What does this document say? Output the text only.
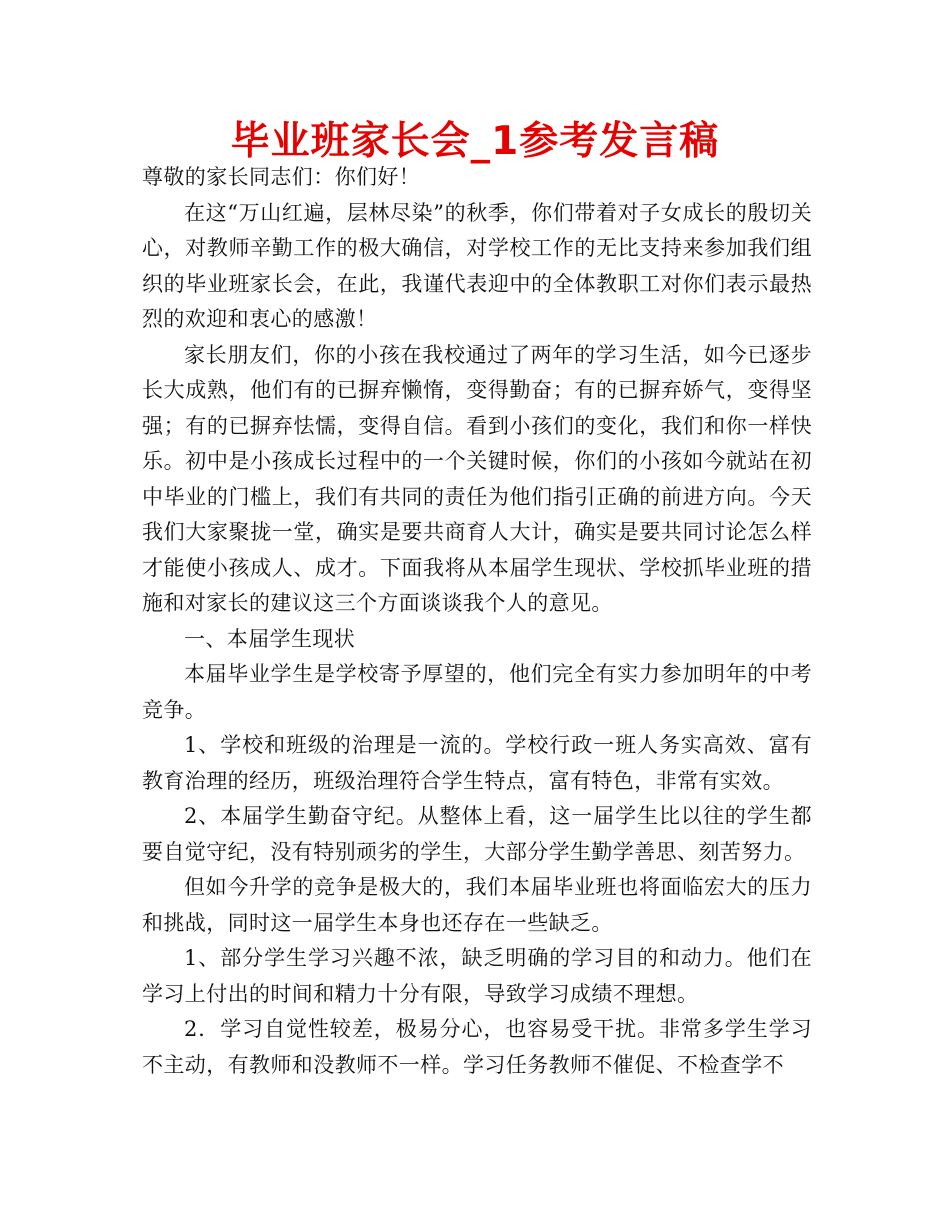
毕业班家长会_1参考发言稿

尊敬的家长同志们：你们好！

在这“万山红遍，层林尽染”的秋季，你们带着对子女成长的殷切关心，对教师辛勤工作的极大确信，对学校工作的无比支持来参加我们组织的毕业班家长会，在此，我谨代表迎中的全体教职工对你们表示最热烈的欢迎和衷心的感激！

家长朋友们，你的小孩在我校通过了两年的学习生活，如今已逐步长大成熟，他们有的已摒弃懒惰，变得勤奋；有的已摒弃娇气，变得坚强；有的已摒弃怯懦，变得自信。看到小孩们的变化，我们和你一样快乐。初中是小孩成长过程中的一个关键时候，你们的小孩如今就站在初中毕业的门槛上，我们有共同的责任为他们指引正确的前进方向。今天我们大家聚拢一堂，确实是要共商育人大计，确实是要共同讨论怎么样才能使小孩成人、成才。下面我将从本届学生现状、学校抓毕业班的措施和对家长的建议这三个方面谈谈我个人的意见。

一、本届学生现状

本届毕业学生是学校寄予厚望的，他们完全有实力参加明年的中考竞争。

1、学校和班级的治理是一流的。学校行政一班人务实高效、富有教育治理的经历，班级治理符合学生特点，富有特色，非常有实效。

2、本届学生勤奋守纪。从整体上看，这一届学生比以往的学生都要自觉守纪，没有特别顽劣的学生，大部分学生勤学善思、刻苦努力。

但如今升学的竞争是极大的，我们本届毕业班也将面临宏大的压力和挑战，同时这一届学生本身也还存在一些缺乏。

1、部分学生学习兴趣不浓，缺乏明确的学习目的和动力。他们在学习上付出的时间和精力十分有限，导致学习成绩不理想。

2．学习自觉性较差，极易分心，也容易受干扰。非常多学生学习不主动，有教师和没教师不一样。学习任务教师不催促、不检查学不
